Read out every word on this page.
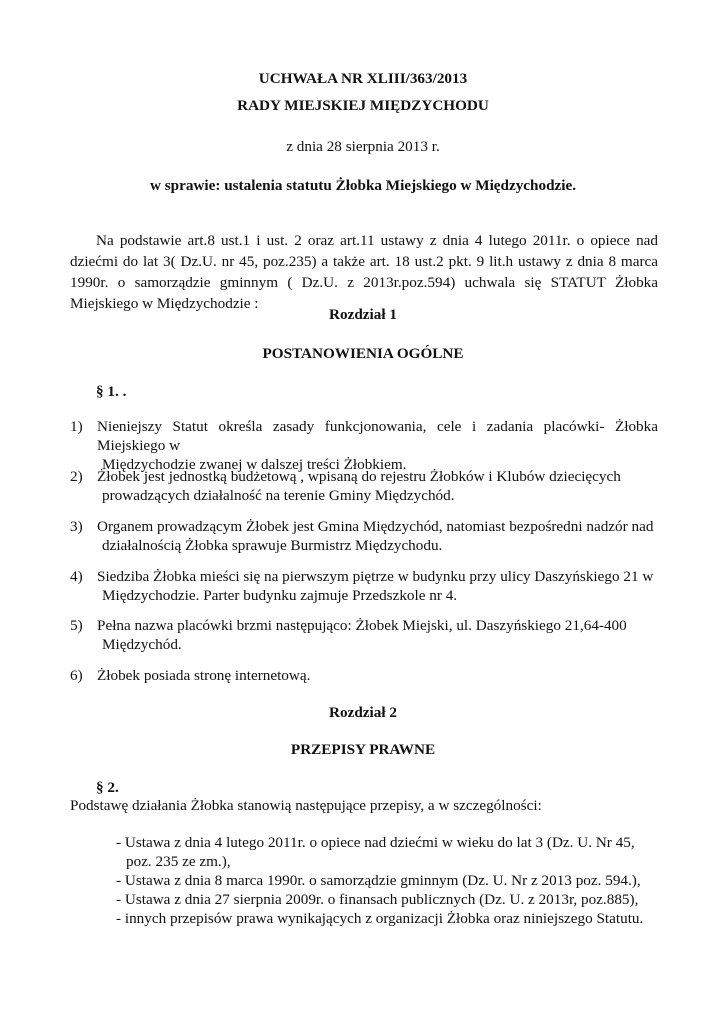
UCHWAŁA NR XLIII/363/2013
RADY MIEJSKIEJ MIĘDZYCHODU
z dnia 28 sierpnia 2013 r.
w sprawie: ustalenia statutu Żłobka Miejskiego w Międzychodzie.
Na podstawie art.8 ust.1 i ust. 2 oraz art.11 ustawy z dnia 4 lutego 2011r. o opiece nad dziećmi do lat 3( Dz.U. nr 45, poz.235) a także art. 18 ust.2 pkt. 9 lit.h ustawy z dnia 8 marca 1990r. o samorządzie gminnym ( Dz.U. z 2013r.poz.594) uchwala się STATUT Żłobka Miejskiego w Międzychodzie :
Rozdział 1
POSTANOWIENIA OGÓLNE
§ 1. .
1) Nieniejszy Statut określa zasady funkcjonowania, cele i zadania placówki- Żłobka Miejskiego w
Międzychodzie zwanej w dalszej treści Żłobkiem.
2) Żłobek jest jednostką budżetową , wpisaną do rejestru Żłobków i Klubów dziecięcych
prowadzących działalność na terenie Gminy Międzychód.
3) Organem prowadzącym Żłobek jest Gmina Międzychód, natomiast bezpośredni nadzór nad
działalnością Żłobka sprawuje Burmistrz Międzychodu.
4) Siedziba Żłobka mieści się na pierwszym piętrze w budynku przy ulicy Daszyńskiego 21 w
Międzychodzie. Parter budynku zajmuje Przedszkole nr 4.
5) Pełna nazwa placówki brzmi następująco: Żłobek Miejski, ul. Daszyńskiego 21,64-400
Międzychód.
6) Żłobek posiada stronę internetową.
Rozdział 2
PRZEPISY PRAWNE
§ 2.
Podstawę działania Żłobka stanowią następujące przepisy, a w szczególności:
- Ustawa z dnia 4 lutego 2011r. o opiece nad dziećmi w wieku do lat 3 (Dz. U. Nr 45, poz. 235 ze zm.),
- Ustawa z dnia 8 marca 1990r. o samorządzie gminnym (Dz. U. Nr z 2013 poz. 594.),
- Ustawa z dnia 27 sierpnia 2009r. o finansach publicznych (Dz. U. z 2013r, poz.885),
- innych przepisów prawa wynikających z organizacji Żłobka oraz niniejszego Statutu.
